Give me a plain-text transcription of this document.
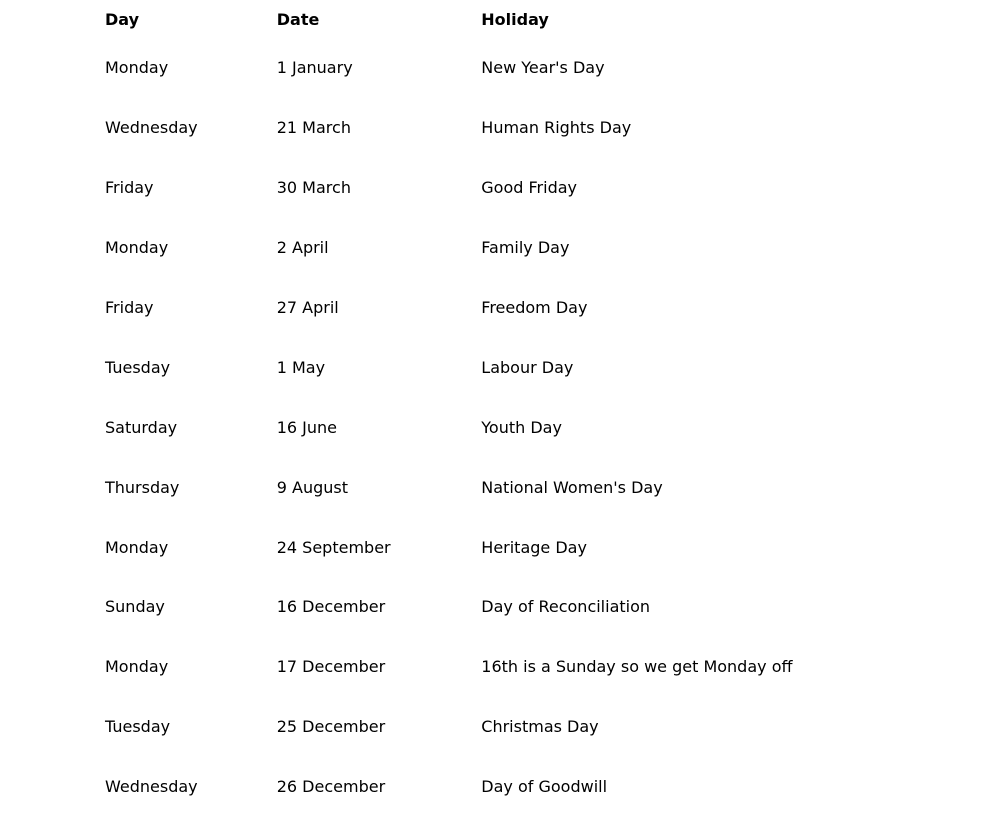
Day	Date	Holiday
Monday	1 January	New Year's Day
Wednesday	21 March	Human Rights Day
Friday	30 March	Good Friday
Monday	2 April	Family Day
Friday	27 April	Freedom Day
Tuesday	1 May	Labour Day
Saturday	16 June	Youth Day
Thursday	9 August	National Women's Day
Monday	24 September	Heritage Day
Sunday	16 December	Day of Reconciliation
Monday	17 December	16th is a Sunday so we get Monday off
Tuesday	25 December	Christmas Day
Wednesday	26 December	Day of Goodwill
